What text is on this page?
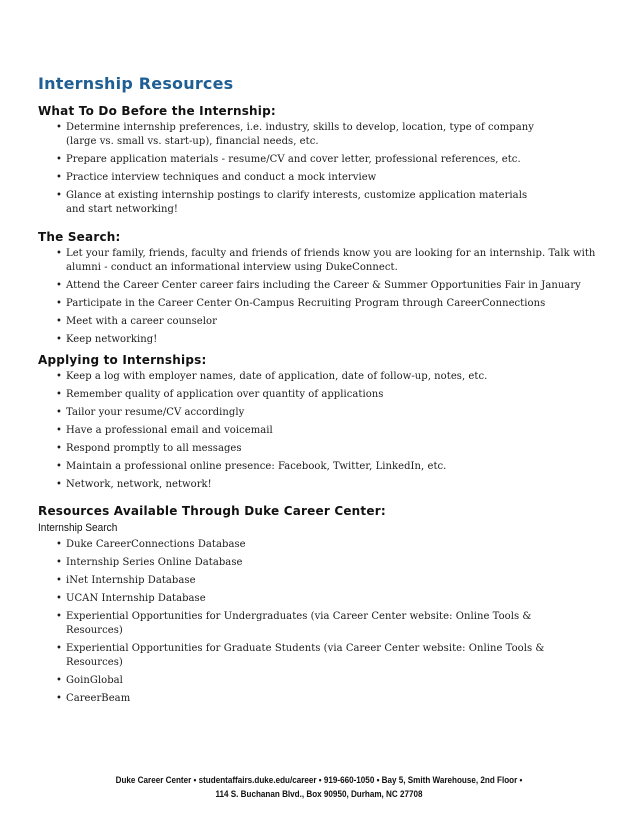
Internship Resources
What To Do Before the Internship:
• Determine internship preferences, i.e. industry, skills to develop, location, type of company
(large vs. small vs. start-up), financial needs, etc.
• Prepare application materials - resume/CV and cover letter, professional references, etc.
• Practice interview techniques and conduct a mock interview
• Glance at existing internship postings to clarify interests, customize application materials
and start networking!
The Search:
• Let your family, friends, faculty and friends of friends know you are looking for an internship. Talk with
alumni - conduct an informational interview using DukeConnect.
• Attend the Career Center career fairs including the Career & Summer Opportunities Fair in January
• Participate in the Career Center On-Campus Recruiting Program through CareerConnections
• Meet with a career counselor
• Keep networking!
Applying to Internships:
• Keep a log with employer names, date of application, date of follow-up, notes, etc.
• Remember quality of application over quantity of applications
• Tailor your resume/CV accordingly
• Have a professional email and voicemail
• Respond promptly to all messages
• Maintain a professional online presence: Facebook, Twitter, LinkedIn, etc.
• Network, network, network!
Resources Available Through Duke Career Center:
Internship Search
• Duke CareerConnections Database
• Internship Series Online Database
• iNet Internship Database
• UCAN Internship Database
• Experiential Opportunities for Undergraduates (via Career Center website: Online Tools &
Resources)
• Experiential Opportunities for Graduate Students (via Career Center website: Online Tools &
Resources)
• GoinGlobal
• CareerBeam
Duke Career Center • studentaffairs.duke.edu/career • 919-660-1050 • Bay 5, Smith Warehouse, 2nd Floor •
114 S. Buchanan Blvd., Box 90950, Durham, NC 27708
